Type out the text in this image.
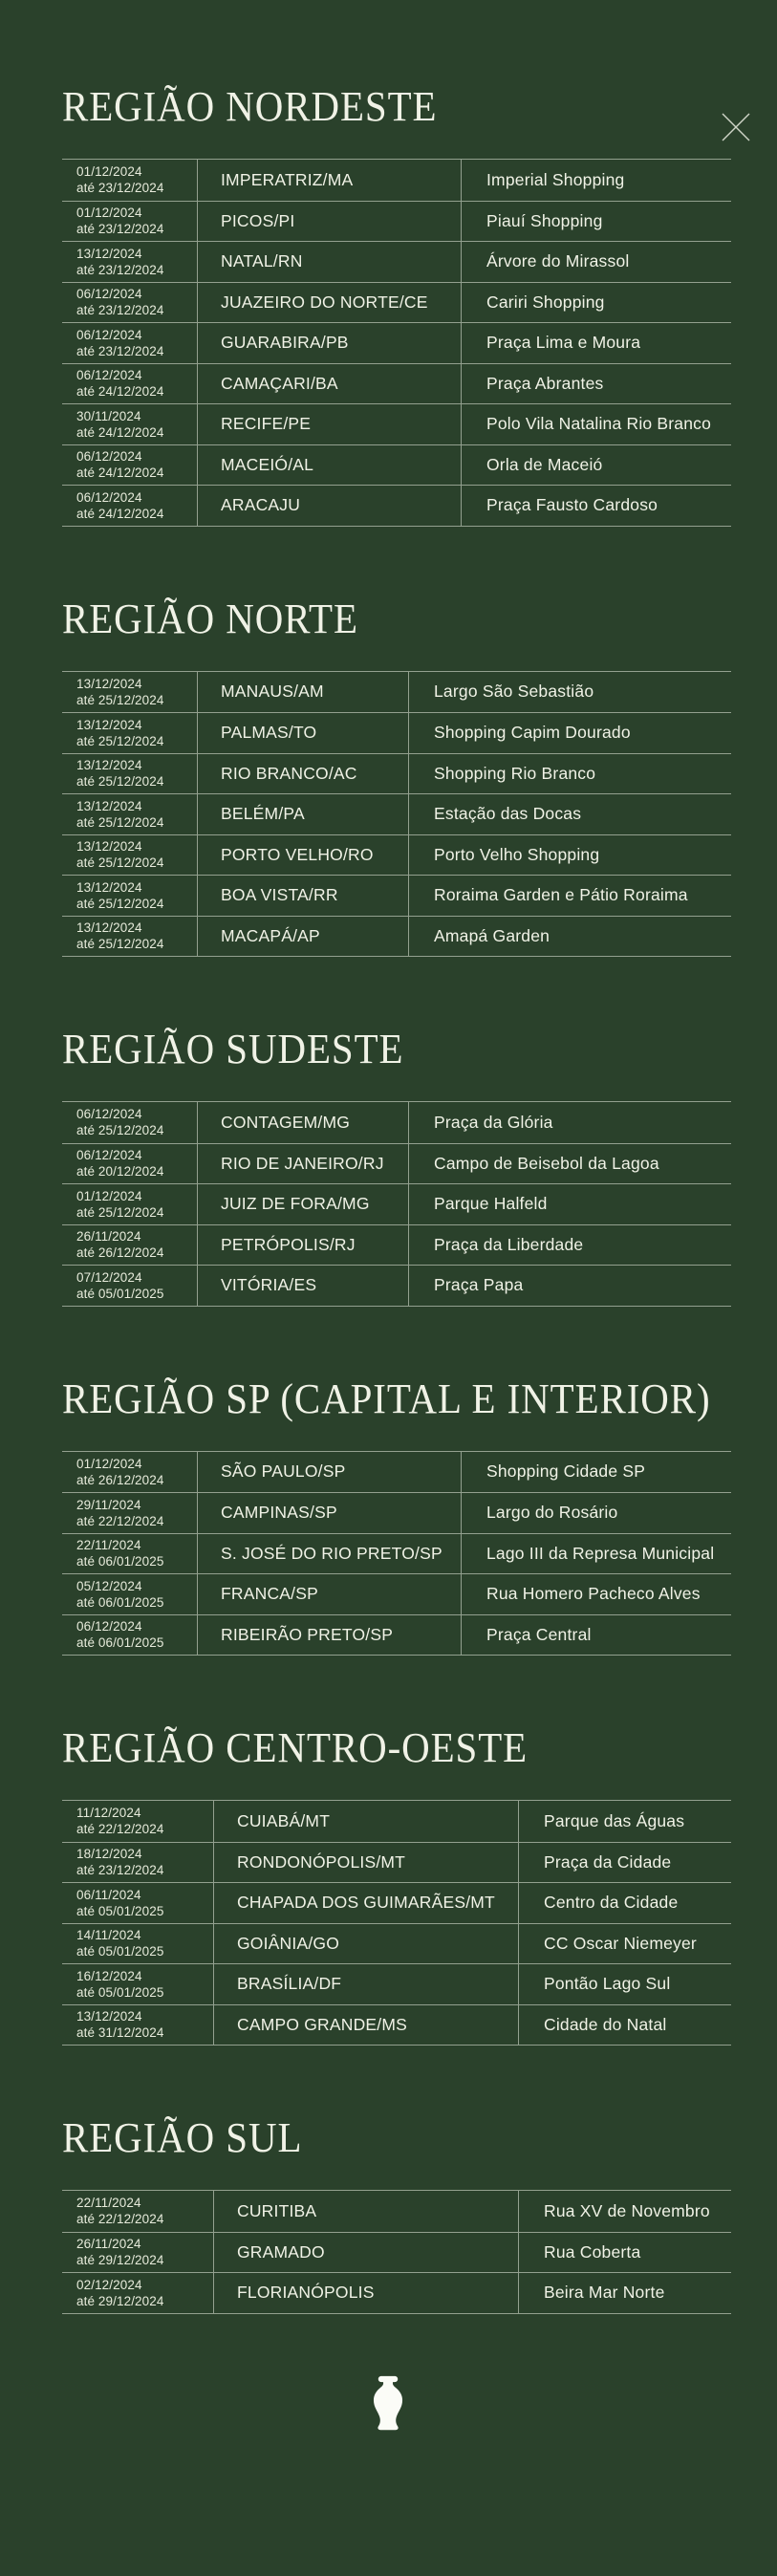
REGIÃO NORDESTE
01/12/2024
até 23/12/2024	IMPERATRIZ/MA	Imperial Shopping
01/12/2024
até 23/12/2024	PICOS/PI	Piauí Shopping
13/12/2024
até 23/12/2024	NATAL/RN	Árvore do Mirassol
06/12/2024
até 23/12/2024	JUAZEIRO DO NORTE/CE	Cariri Shopping
06/12/2024
até 23/12/2024	GUARABIRA/PB	Praça Lima e Moura
06/12/2024
até 24/12/2024	CAMAÇARI/BA	Praça Abrantes
30/11/2024
até 24/12/2024	RECIFE/PE	Polo Vila Natalina Rio Branco
06/12/2024
até 24/12/2024	MACEIÓ/AL	Orla de Maceió
06/12/2024
até 24/12/2024	ARACAJU	Praça Fausto Cardoso
REGIÃO NORTE
13/12/2024
até 25/12/2024	MANAUS/AM	Largo São Sebastião
13/12/2024
até 25/12/2024	PALMAS/TO	Shopping Capim Dourado
13/12/2024
até 25/12/2024	RIO BRANCO/AC	Shopping Rio Branco
13/12/2024
até 25/12/2024	BELÉM/PA	Estação das Docas
13/12/2024
até 25/12/2024	PORTO VELHO/RO	Porto Velho Shopping
13/12/2024
até 25/12/2024	BOA VISTA/RR	Roraima Garden e Pátio Roraima
13/12/2024
até 25/12/2024	MACAPÁ/AP	Amapá Garden
REGIÃO SUDESTE
06/12/2024
até 25/12/2024	CONTAGEM/MG	Praça da Glória
06/12/2024
até 20/12/2024	RIO DE JANEIRO/RJ	Campo de Beisebol da Lagoa
01/12/2024
até 25/12/2024	JUIZ DE FORA/MG	Parque Halfeld
26/11/2024
até 26/12/2024	PETRÓPOLIS/RJ	Praça da Liberdade
07/12/2024
até 05/01/2025	VITÓRIA/ES	Praça Papa
REGIÃO SP (CAPITAL E INTERIOR)
01/12/2024
até 26/12/2024	SÃO PAULO/SP	Shopping Cidade SP
29/11/2024
até 22/12/2024	CAMPINAS/SP	Largo do Rosário
22/11/2024
até 06/01/2025	S. JOSÉ DO RIO PRETO/SP	Lago III da Represa Municipal
05/12/2024
até 06/01/2025	FRANCA/SP	Rua Homero Pacheco Alves
06/12/2024
até 06/01/2025	RIBEIRÃO PRETO/SP	Praça Central
REGIÃO CENTRO-OESTE
11/12/2024
até 22/12/2024	CUIABÁ/MT	Parque das Águas
18/12/2024
até 23/12/2024	RONDONÓPOLIS/MT	Praça da Cidade
06/11/2024
até 05/01/2025	CHAPADA DOS GUIMARÃES/MT	Centro da Cidade
14/11/2024
até 05/01/2025	GOIÂNIA/GO	CC Oscar Niemeyer
16/12/2024
até 05/01/2025	BRASÍLIA/DF	Pontão Lago Sul
13/12/2024
até 31/12/2024	CAMPO GRANDE/MS	Cidade do Natal
REGIÃO SUL
22/11/2024
até 22/12/2024	CURITIBA	Rua XV de Novembro
26/11/2024
até 29/12/2024	GRAMADO	Rua Coberta
02/12/2024
até 29/12/2024	FLORIANÓPOLIS	Beira Mar Norte
